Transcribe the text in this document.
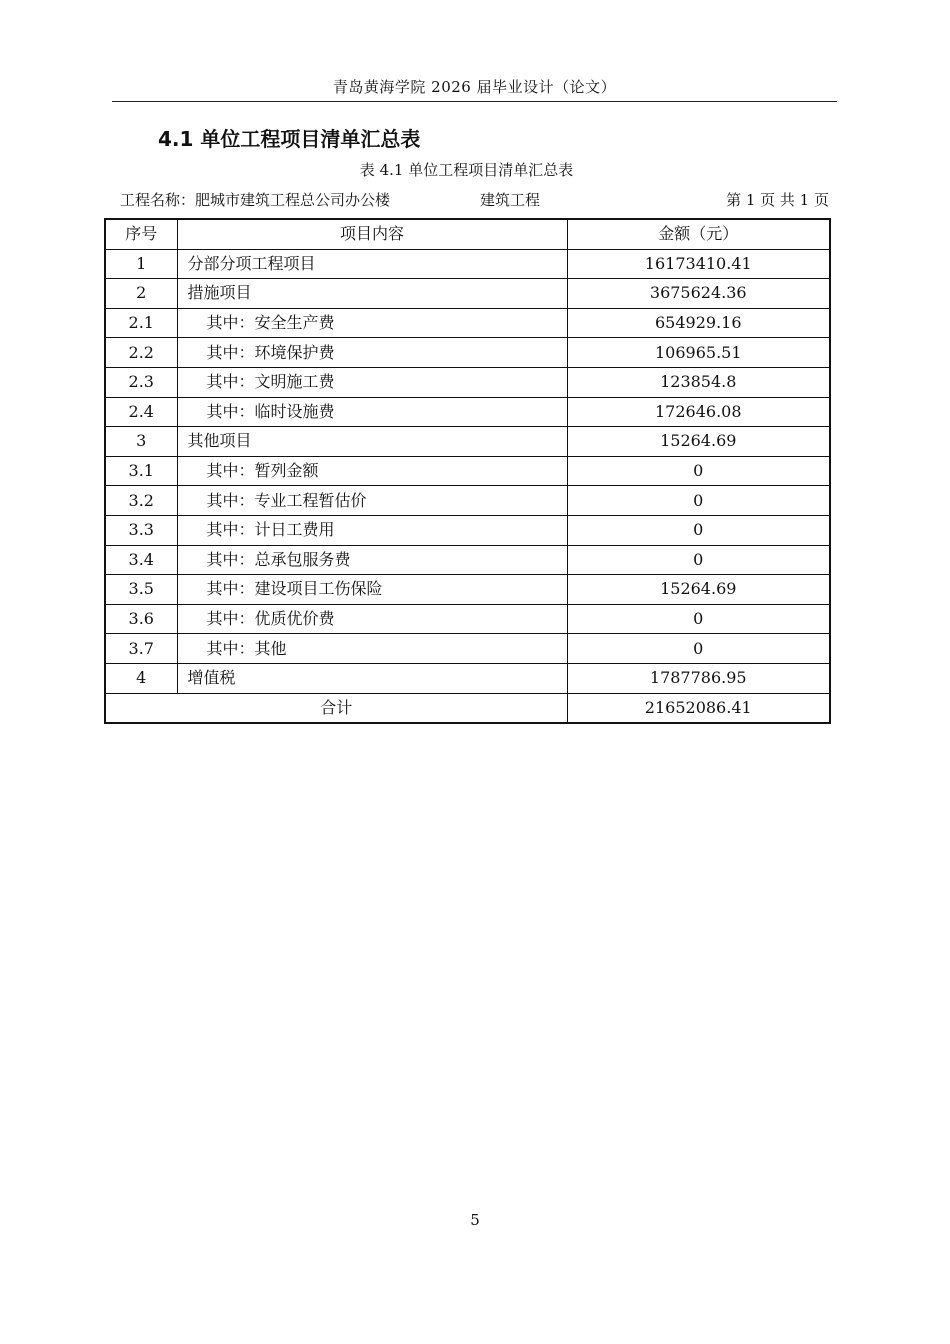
青岛黄海学院 2026 届毕业设计（论文）
4.1 单位工程项目清单汇总表
表 4.1 单位工程项目清单汇总表
工程名称：肥城市建筑工程总公司办公楼	建筑工程	第 1 页 共 1 页
序号	项目内容	金额（元）
1	分部分项工程项目	16173410.41
2	措施项目	3675624.36
2.1	其中：安全生产费	654929.16
2.2	其中：环境保护费	106965.51
2.3	其中：文明施工费	123854.8
2.4	其中：临时设施费	172646.08
3	其他项目	15264.69
3.1	其中：暂列金额	0
3.2	其中：专业工程暂估价	0
3.3	其中：计日工费用	0
3.4	其中：总承包服务费	0
3.5	其中：建设项目工伤保险	15264.69
3.6	其中：优质优价费	0
3.7	其中：其他	0
4	增值税	1787786.95
合计		21652086.41
5
